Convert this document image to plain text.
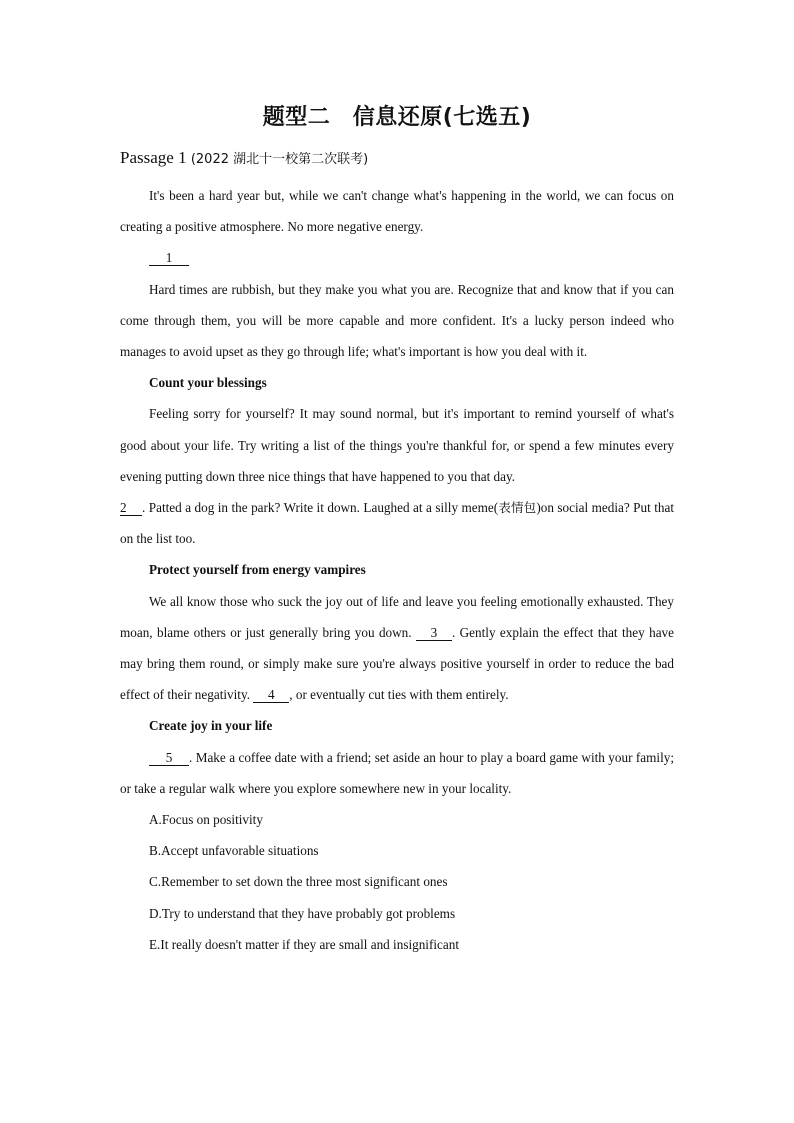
题型二　信息还原(七选五)
Passage 1 (2022 湖北十一校第二次联考)

It's been a hard year but, while we can't change what's happening in the world, we can focus on creating a positive atmosphere. No more negative energy.

1

Hard times are rubbish, but they make you what you are. Recognize that and know that if you can come through them, you will be more capable and more confident. It's a lucky person indeed who manages to avoid upset as they go through life; what's important is how you deal with it.

Count your blessings

Feeling sorry for yourself? It may sound normal, but it's important to remind yourself of what's good about your life. Try writing a list of the things you're thankful for, or spend a few minutes every evening putting down three nice things that have happened to you that day.
2 . Patted a dog in the park? Write it down. Laughed at a silly meme(表情包)on social media? Put that on the list too.

Protect yourself from energy vampires

We all know those who suck the joy out of life and leave you feeling emotionally exhausted. They moan, blame others or just generally bring you down. 3 . Gently explain the effect that they have may bring them round, or simply make sure you're always positive yourself in order to reduce the bad effect of their negativity. 4 , or eventually cut ties with them entirely.

Create joy in your life

5 . Make a coffee date with a friend; set aside an hour to play a board game with your family; or take a regular walk where you explore somewhere new in your locality.

A.Focus on positivity

B.Accept unfavorable situations

C.Remember to set down the three most significant ones

D.Try to understand that they have probably got problems

E.It really doesn't matter if they are small and insignificant
